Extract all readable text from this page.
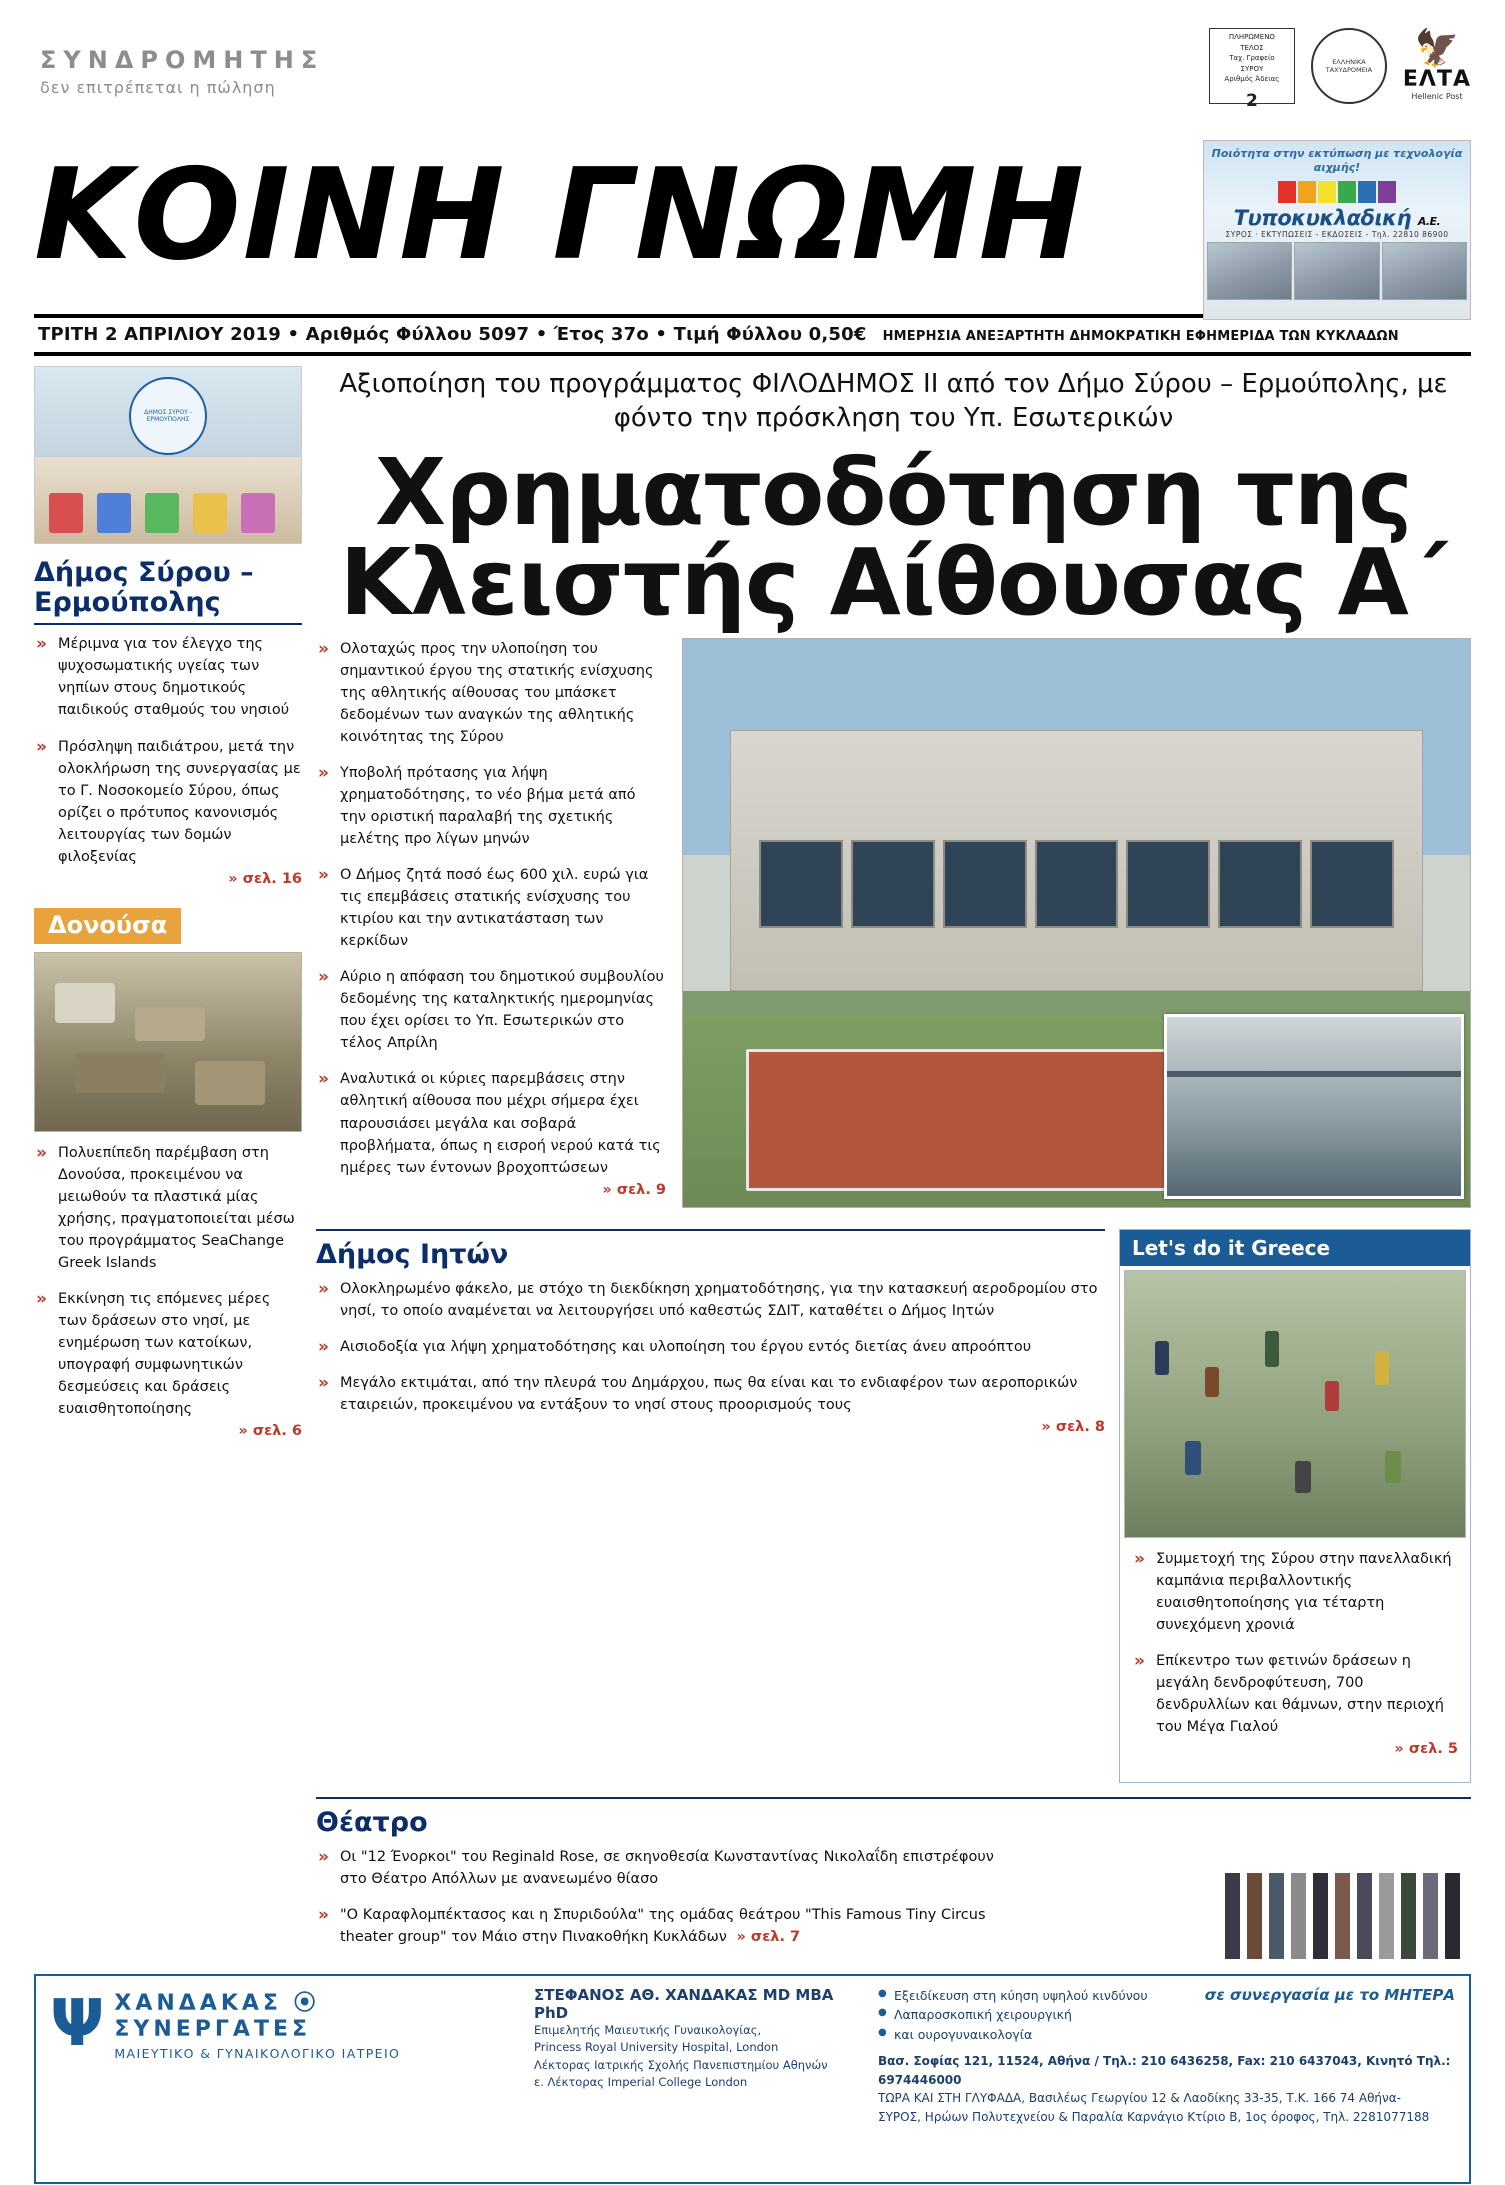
ΣΥΝΔΡΟΜΗΤΗΣ
δεν επιτρέπεται η πώληση
ΠΛΗΡΩΜΕΝΟ
ΤΕΛΟΣ
Ταχ. Γραφείο
ΣΥΡΟΥ
Αριθμός Άδειας
2
ΕΛΛΗΝΙΚΑ ΤΑΧΥΔΡΟΜΕΙΑ
🦅
ΕΛΤΑ
Hellenic Post
ΚΟΙΝΗ ΓΝΩΜΗ	Ποιότητα στην εκτύπωση με τεχνολογία αιχμής!
Τυποκυκλαδική Α.Ε.
ΣΥΡΟΣ · ΕΚΤΥΠΩΣΕΙΣ - ΕΚΔΟΣΕΙΣ - Τηλ. 22810 86900
ΤΡΙΤΗ 2 ΑΠΡΙΛΙΟΥ 2019 • Αριθμός Φύλλου 5097 • Έτος 37ο • Τιμή Φύλλου 0,50€ ΗΜΕΡΗΣΙΑ ΑΝΕΞΑΡΤΗΤΗ ΔΗΜΟΚΡΑΤΙΚΗ ΕΦΗΜΕΡΙΔΑ ΤΩΝ ΚΥΚΛΑΔΩΝ
ΔΗΜΟΣ ΣΥΡΟΥ - ΕΡΜΟΥΠΟΛΗΣ
Δήμος Σύρου – Ερμούπολης
» Μέριμνα για τον έλεγχο της ψυχοσωματικής υγείας των νηπίων στους δημοτικούς παιδικούς σταθμούς του νησιού
» Πρόσληψη παιδιάτρου, μετά την ολοκλήρωση της συνεργασίας με το Γ. Νοσοκομείο Σύρου, όπως ορίζει ο πρότυπος κανονισμός λειτουργίας των δομών φιλοξενίας
» σελ. 16
Δονούσα
» Πολυεπίπεδη παρέμβαση στη Δονούσα, προκειμένου να μειωθούν τα πλαστικά μίας χρήσης, πραγματοποιείται μέσω του προγράμματος SeaChange Greek Islands
» Εκκίνηση τις επόμενες μέρες των δράσεων στο νησί, με ενημέρωση των κατοίκων, υπογραφή συμφωνητικών δεσμεύσεις και δράσεις ευαισθητοποίησης
» σελ. 6
Αξιοποίηση του προγράμματος ΦΙΛΟΔΗΜΟΣ ΙΙ από τον Δήμο Σύρου – Ερμούπολης, με φόντο την πρόσκληση του Υπ. Εσωτερικών
Χρηματοδότηση της Κλειστής Αίθουσας Α΄
» Ολοταχώς προς την υλοποίηση του σημαντικού έργου της στατικής ενίσχυσης της αθλητικής αίθουσας του μπάσκετ δεδομένων των αναγκών της αθλητικής κοινότητας της Σύρου
» Υποβολή πρότασης για λήψη χρηματοδότησης, το νέο βήμα μετά από την οριστική παραλαβή της σχετικής μελέτης προ λίγων μηνών
» Ο Δήμος ζητά ποσό έως 600 χιλ. ευρώ για τις επεμβάσεις στατικής ενίσχυσης του κτιρίου και την αντικατάσταση των κερκίδων
» Αύριο η απόφαση του δημοτικού συμβουλίου δεδομένης της καταληκτικής ημερομηνίας που έχει ορίσει το Υπ. Εσωτερικών στο τέλος Απρίλη
» Αναλυτικά οι κύριες παρεμβάσεις στην αθλητική αίθουσα που μέχρι σήμερα έχει παρουσιάσει μεγάλα και σοβαρά προβλήματα, όπως η εισροή νερού κατά τις ημέρες των έντονων βροχοπτώσεων
» σελ. 9
Δήμος Ιητών
» Ολοκληρωμένο φάκελο, με στόχο τη διεκδίκηση χρηματοδότησης, για την κατασκευή αεροδρομίου στο νησί, το οποίο αναμένεται να λειτουργήσει υπό καθεστώς ΣΔΙΤ, καταθέτει ο Δήμος Ιητών
» Αισιοδοξία για λήψη χρηματοδότησης και υλοποίηση του έργου εντός διετίας άνευ απροόπτου
» Μεγάλο εκτιμάται, από την πλευρά του Δημάρχου, πως θα είναι και το ενδιαφέρον των αεροπορικών εταιρειών, προκειμένου να εντάξουν το νησί στους προορισμούς τους
» σελ. 8
Let's do it Greece
» Συμμετοχή της Σύρου στην πανελλαδική καμπάνια περιβαλλοντικής ευαισθητοποίησης για τέταρτη συνεχόμενη χρονιά
» Επίκεντρο των φετινών δράσεων η μεγάλη δενδροφύτευση, 700 δενδρυλλίων και θάμνων, στην περιοχή του Μέγα Γιαλού
» σελ. 5
Θέατρο
» Οι "12 Ένορκοι" του Reginald Rose, σε σκηνοθεσία Κωνσταντίνας Νικολαΐδη επιστρέφουν στο Θέατρο Απόλλων με ανανεωμένο θίασο
» "Ο Καραφλομπέκτασος και η Σπυριδούλα" της ομάδας θεάτρου "This Famous Tiny Circus theater group" τον Μάιο στην Πινακοθήκη Κυκλάδων  » σελ. 7
Ψ ΧΑΝΔΑΚΑΣ ⦿ ΣΥΝΕΡΓΑΤΕΣ
ΜΑΙΕΥΤΙΚΟ & ΓΥΝΑΙΚΟΛΟΓΙΚΟ ΙΑΤΡΕΙΟ
ΣΤΕΦΑΝΟΣ ΑΘ. ΧΑΝΔΑΚΑΣ MD MBA PhD
Επιμελητής Μαιευτικής Γυναικολογίας,
Princess Royal University Hospital, London
Λέκτορας Ιατρικής Σχολής Πανεπιστημίου Αθηνών
ε. Λέκτορας Imperial College London
σε συνεργασία με το ΜΗΤΕΡΑ
● Εξειδίκευση στη κύηση υψηλού κινδύνου
● Λαπαροσκοπική χειρουργική
● και ουρογυναικολογία
Βασ. Σοφίας 121, 11524, Αθήνα / Τηλ.: 210 6436258, Fax: 210 6437043, Κινητό Τηλ.: 6974446000
ΤΩΡΑ ΚΑΙ ΣΤΗ ΓΛΥΦΑΔΑ, Βασιλέως Γεωργίου 12 & Λαοδίκης 33-35, Τ.Κ. 166 74 Αθήνα-
ΣΥΡΟΣ, Ηρώων Πολυτεχνείου & Παραλία Καρνάγιο Κτίριο Β, 1ος όροφος, Τηλ. 2281077188
